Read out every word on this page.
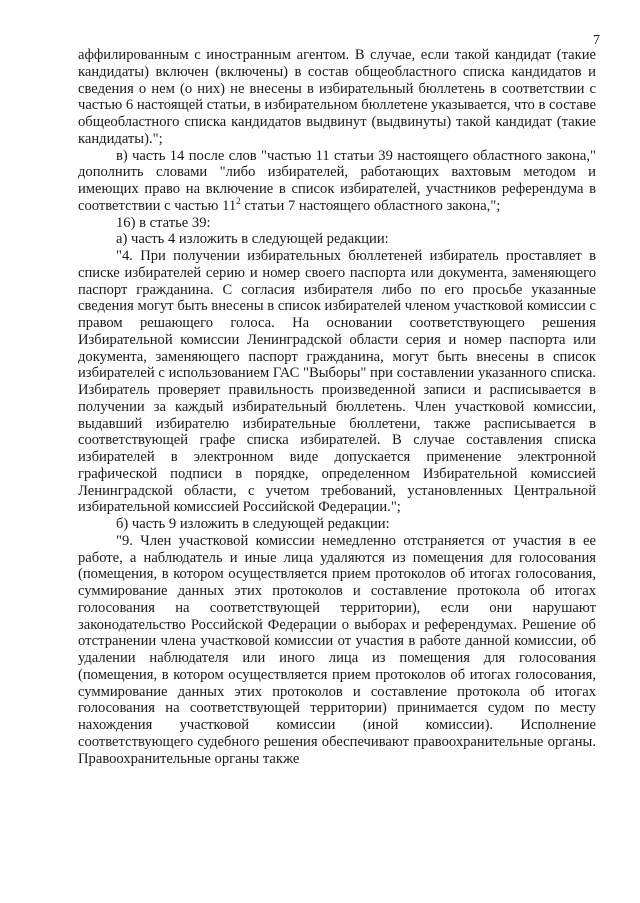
7

аффилированным с иностранным агентом. В случае, если такой кандидат (такие кандидаты) включен (включены) в состав общеобластного списка кандидатов и сведения о нем (о них) не внесены в избирательный бюллетень в соответствии с частью 6 настоящей статьи, в избирательном бюллетене указывается, что в составе общеобластного списка кандидатов выдвинут (выдвинуты) такой кандидат (такие кандидаты).";

в) часть 14 после слов "частью 11 статьи 39 настоящего областного закона," дополнить словами "либо избирателей, работающих вахтовым методом и имеющих право на включение в список избирателей, участников референдума в соответствии с частью $11^2$ статьи 7 настоящего областного закона,";

16) в статье 39:

а) часть 4 изложить в следующей редакции:

"4. При получении избирательных бюллетеней избиратель проставляет в списке избирателей серию и номер своего паспорта или документа, заменяющего паспорт гражданина. С согласия избирателя либо по его просьбе указанные сведения могут быть внесены в список избирателей членом участковой комиссии с правом решающего голоса. На основании соответствующего решения Избирательной комиссии Ленинградской области серия и номер паспорта или документа, заменяющего паспорт гражданина, могут быть внесены в список избирателей с использованием ГАС "Выборы" при составлении указанного списка. Избиратель проверяет правильность произведенной записи и расписывается в получении за каждый избирательный бюллетень. Член участковой комиссии, выдавший избирателю избирательные бюллетени, также расписывается в соответствующей графе списка избирателей. В случае составления списка избирателей в электронном виде допускается применение электронной графической подписи в порядке, определенном Избирательной комиссией Ленинградской области, с учетом требований, установленных Центральной избирательной комиссией Российской Федерации.";

б) часть 9 изложить в следующей редакции:

"9. Член участковой комиссии немедленно отстраняется от участия в ее работе, а наблюдатель и иные лица удаляются из помещения для голосования (помещения, в котором осуществляется прием протоколов об итогах голосования, суммирование данных этих протоколов и составление протокола об итогах голосования на соответствующей территории), если они нарушают законодательство Российской Федерации о выборах и референдумах. Решение об отстранении члена участковой комиссии от участия в работе данной комиссии, об удалении наблюдателя или иного лица из помещения для голосования (помещения, в котором осуществляется прием протоколов об итогах голосования, суммирование данных этих протоколов и составление протокола об итогах голосования на соответствующей территории) принимается судом по месту нахождения участковой комиссии (иной комиссии). Исполнение соответствующего судебного решения обеспечивают правоохранительные органы. Правоохранительные органы также
